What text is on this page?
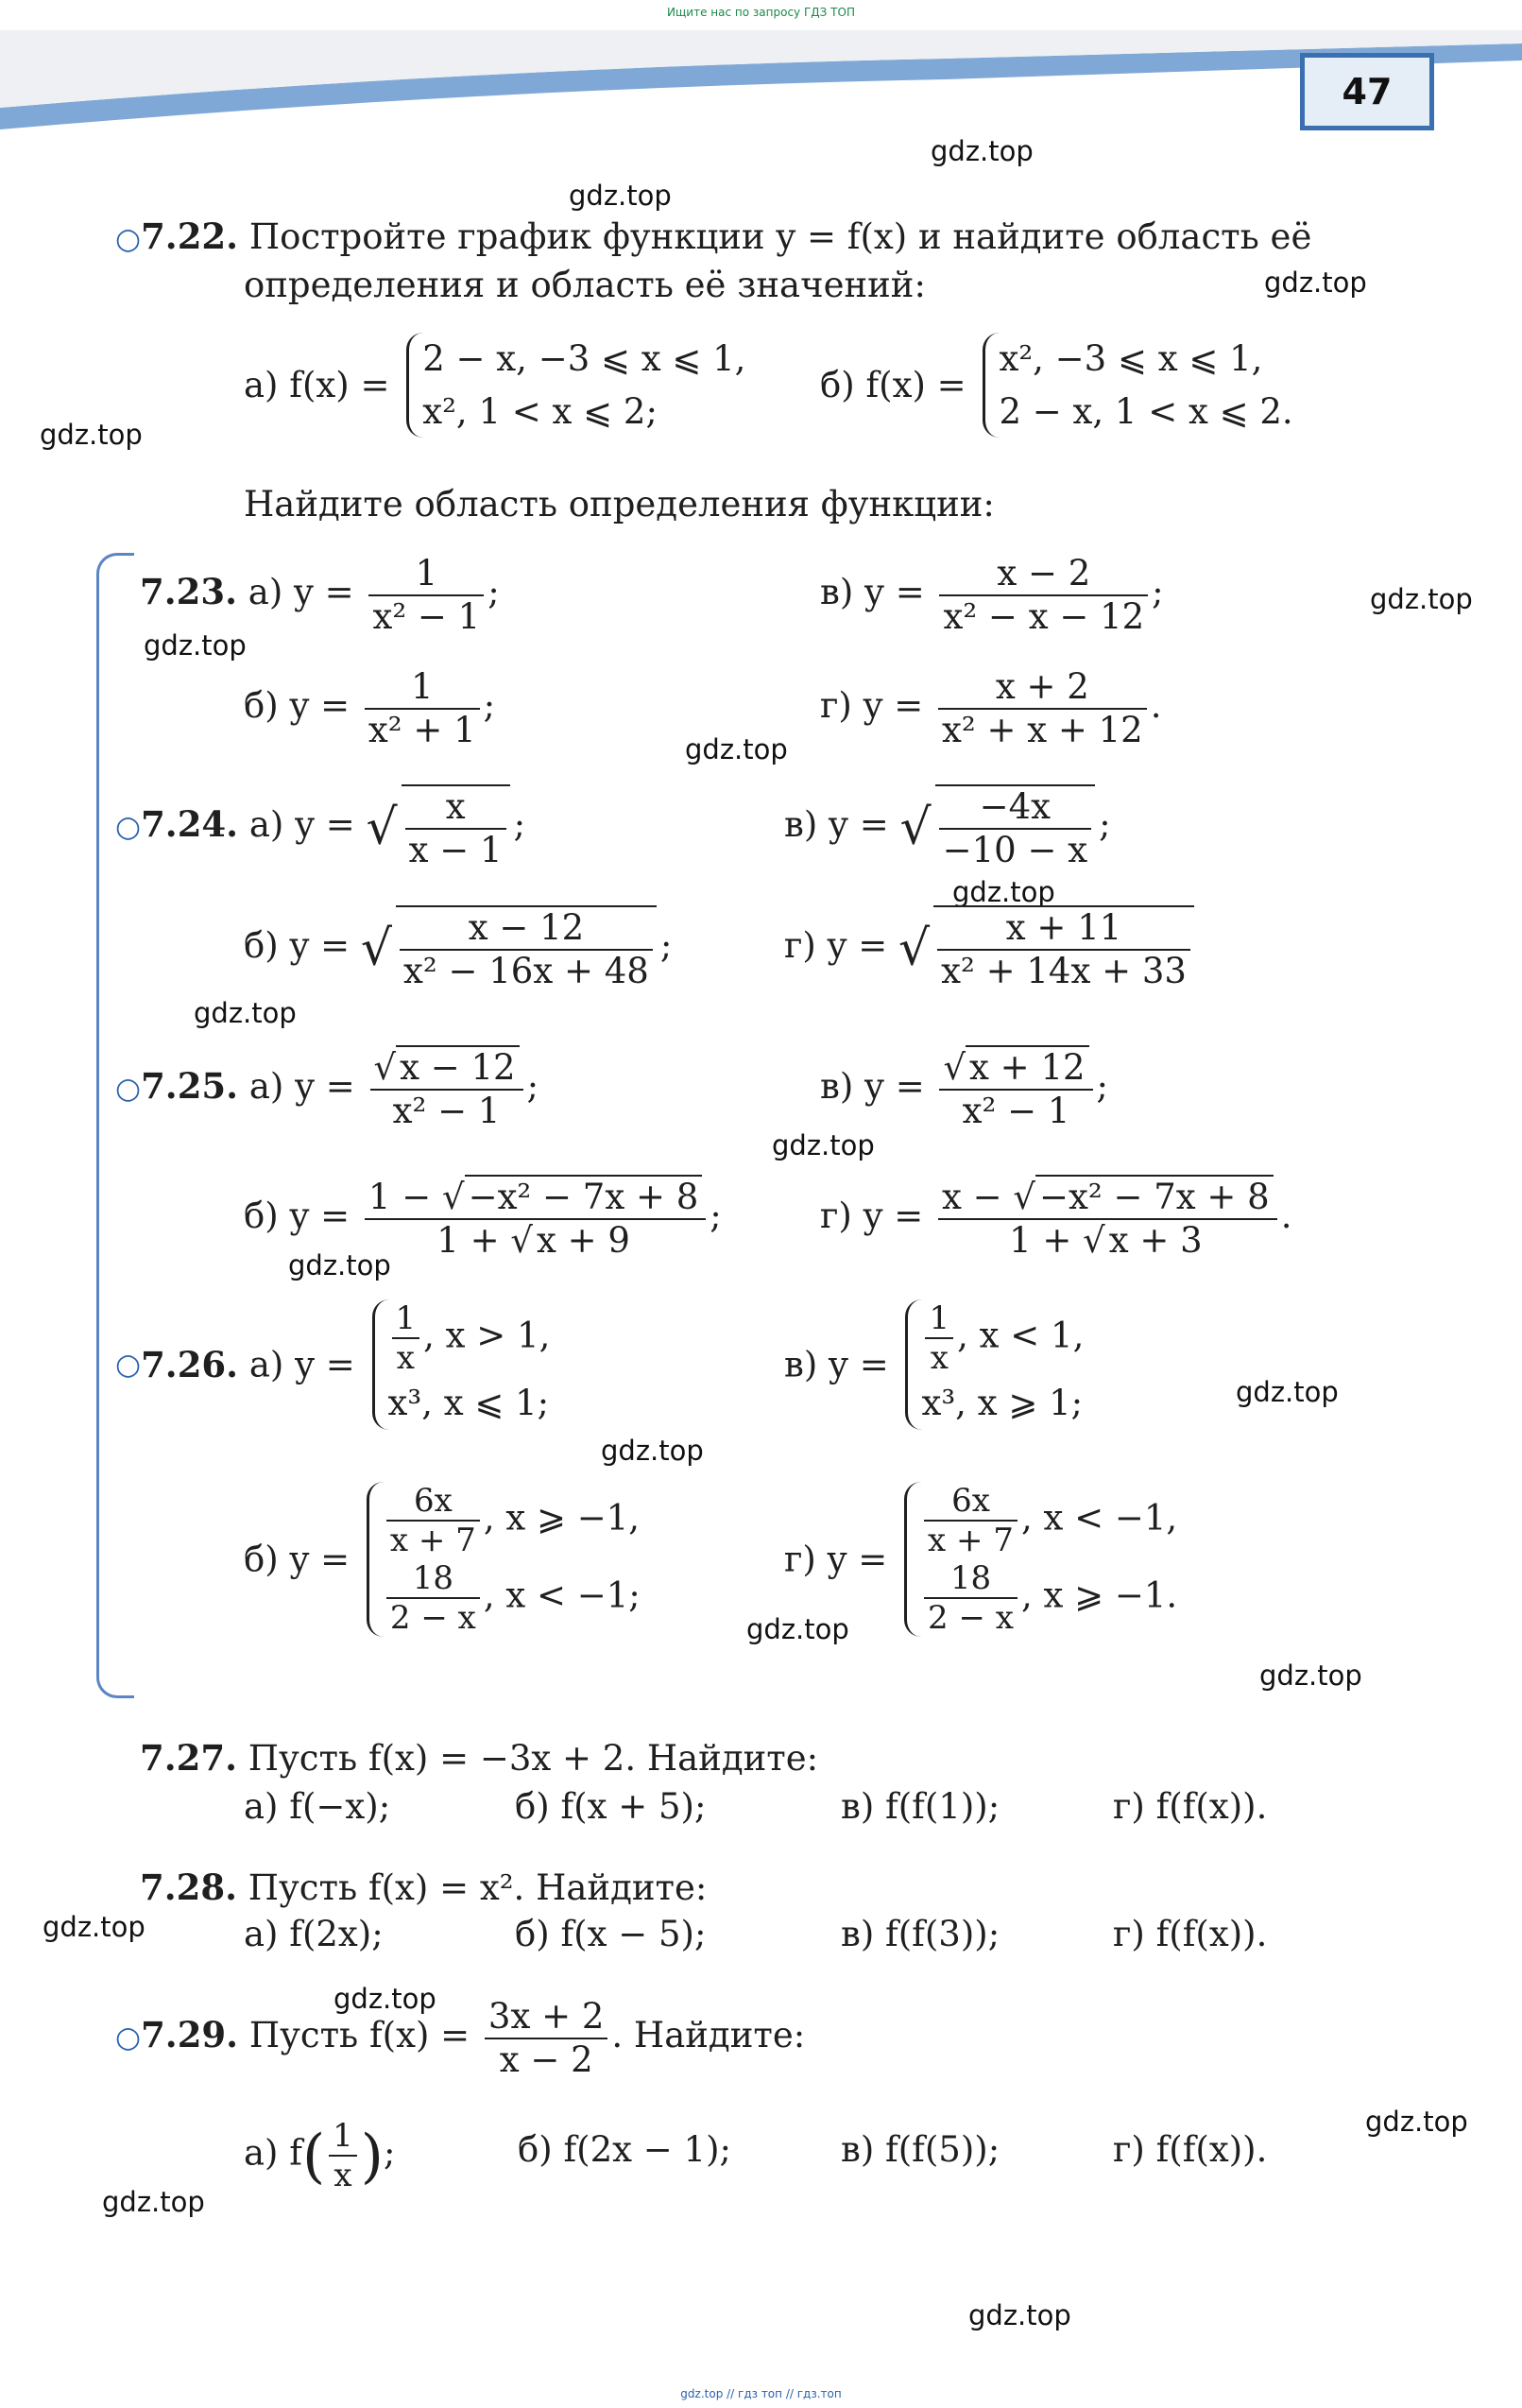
Ищите нас по запросу ГДЗ ТОП
47
gdz.top
gdz.top
gdz.top
gdz.top
gdz.top
gdz.top
gdz.top
gdz.top
gdz.top
gdz.top
gdz.top
gdz.top
gdz.top
gdz.top
gdz.top
gdz.top
gdz.top
gdz.top
gdz.top
gdz.top
○7.22. Постройте график функции y = f(x) и найдите область её
определения и область её значений:
а) f(x) =
2 − x, −3 ⩽ x ⩽ 1,
x², 1 < x ⩽ 2;
б) f(x) =
x², −3 ⩽ x ⩽ 1,
2 − x, 1 < x ⩽ 2.
Найдите область определения функции:
7.23. а) $y = \frac{1}{\text{x² − 1}}$ ;	в) $y = \frac{x - 2}{\text{x² − x − 12}}$ ;
б) $y = \frac{1}{\text{x² + 1}}$ ;	г) $y = \frac{x + 2}{\text{x² + x + 12}}$ .
○7.24. а) y = √ $\frac{x}{x - 1}$ ;	в) y = √ $\frac{-4x}{-10 - x}$ ;
б) y = √ $\frac{x - 12}{\text{x² − 16x + 48}}$ ;	г) y = √ $\frac{x + 11}{\text{x² + 14x + 33}}$
○7.25. а) $y = \frac{√ x - 12}{\text{x² − 1}}$ ;	в) $y = \frac{√ x + 12}{\text{x² − 1}}$ ;
б) $y = \frac{\text{1 − √ −x² − 7x + 8}}{1 + √ x + 9}$ ;	г) $y = \frac{\text{x − √ −x² − 7x + 8}}{1 + √ x + 3}$ .
○7.26. а) $y = \frac{1}{x}$ , x > 1,
x³, x ⩽ 1;
в) $y = \frac{1}{x}$ , x < 1,
x³, x ⩾ 1;
б) $y = \frac{6x}{x + 7}$ , x ⩾ −1,
$\frac{18}{2 - x}$ , x < −1;
г) $y = \frac{6x}{x + 7}$ , x < −1,
$\frac{18}{2 - x}$ , x ⩾ −1.
7.27. Пусть f(x) = −3x + 2. Найдите:
а) f(−x);	б) f(x + 5);	в) f(f(1));	г) f(f(x)).
7.28. Пусть f(x) = x². Найдите:
а) f(2x);	б) f(x − 5);	в) f(f(3));	г) f(f(x)).
○7.29. Пусть $f(x) = \frac{3x + 2}{x - 2}$ . Найдите:
а) $f( \frac{1}{x}$ );	б) f(2x − 1);	в) f(f(5));	г) f(f(x)).
gdz.top // гдз топ // гдз.топ
